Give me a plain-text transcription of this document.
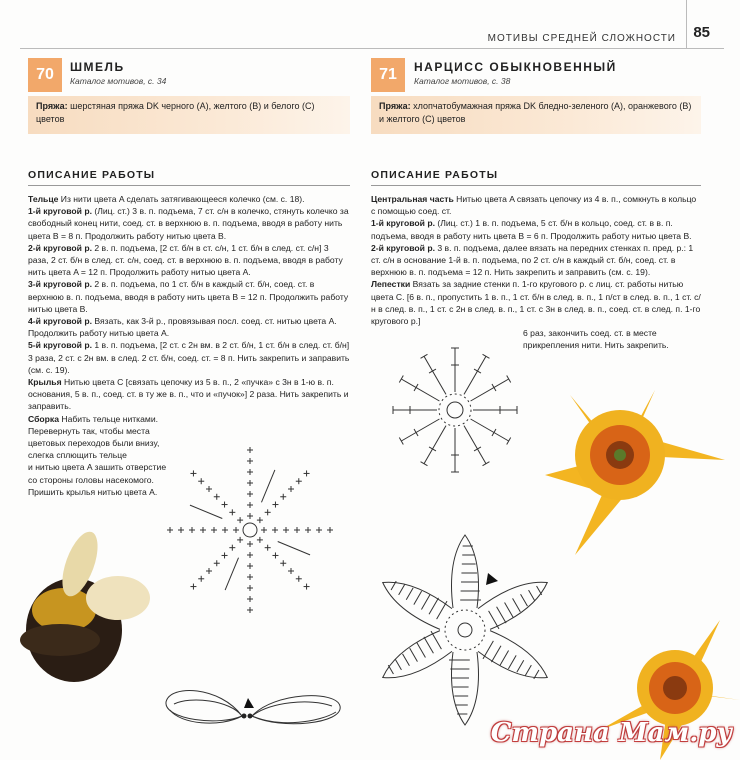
МОТИВЫ СРЕДНЕЙ СЛОЖНОСТИ 85
70	ШМЕЛЬ
Каталог мотивов, с. 34
Пряжа: шерстяная пряжа DK черного (A), желтого (B) и белого (C) цветов
ОПИСАНИЕ РАБОТЫ

Тельце Из нити цвета A сделать затягивающееся колечко (см. с. 18).

1-й круговой р. (Лиц. ст.) 3 в. п. подъема, 7 ст. с/н в колечко, стянуть колечко за свободный конец нити, соед. ст. в верхнюю в. п. подъема, вводя в работу нить цвета B = 8 п. Продолжить работу нитью цвета B.

2-й круговой р. 2 в. п. подъема, [2 ст. б/н в ст. с/н, 1 ст. б/н в след. ст. с/н] 3 раза, 2 ст. б/н в след. ст. с/н, соед. ст. в верхнюю в. п. подъема, вводя в работу нить цвета A = 12 п. Продолжить работу нитью цвета A.

3-й круговой р. 2 в. п. подъема, по 1 ст. б/н в каждый ст. б/н, соед. ст. в верхнюю в. п. подъема, вводя в работу нить цвета B = 12 п. Продолжить работу нитью цвета B.

4-й круговой р. Вязать, как 3-й р., провязывая посл. соед. ст. нитью цвета A. Продолжить работу нитью цвета A.

5-й круговой р. 1 в. п. подъема, [2 ст. с 2н вм. в 2 ст. б/н, 1 ст. б/н в след. ст. б/н] 3 раза, 2 ст. с 2н вм. в след. 2 ст. б/н, соед. ст. = 8 п. Нить закрепить и заправить (см. с. 19).

Крылья Нитью цвета C [связать цепочку из 5 в. п., 2 «пучка» с 3н в 1-ю в. п. основания, 5 в. п., соед. ст. в ту же в. п., что и «пучок»] 2 раза. Нить закрепить и заправить.

Сборка Набить тельце нитками. Перевернуть так, чтобы места цветовых переходов были внизу, слегка сплющить тельце

и нитью цвета A зашить отверстие

со стороны головы насекомого.

Пришить крылья нитью цвета A.

71	НАРЦИСС ОБЫКНОВЕННЫЙ
Каталог мотивов, с. 38
Пряжа: хлопчатобумажная пряжа DK бледно-зеленого (A), оранжевого (B) и желтого (C) цветов
ОПИСАНИЕ РАБОТЫ

Центральная часть Нитью цвета A связать цепочку из 4 в. п., сомкнуть в кольцо с помощью соед. ст.

1-й круговой р. (Лиц. ст.) 1 в. п. подъема, 5 ст. б/н в кольцо, соед. ст. в в. п. подъема, вводя в работу нить цвета B = 6 п. Продолжить работу нитью цвета B.

2-й круговой р. 3 в. п. подъема, далее вязать на передних стенках п. пред. р.: 1 ст. с/н в основание 1-й в. п. подъема, по 2 ст. с/н в каждый ст. б/н, соед. ст. в верхнюю в. п. подъема = 12 п. Нить закрепить и заправить (см. с. 19).

Лепестки Вязать за задние стенки п. 1-го кругового р. с лиц. ст. работы нитью цвета C. [6 в. п., пропустить 1 в. п., 1 ст. б/н в след. в. п., 1 п/ст в след. в. п., 1 ст. с/н в след. в. п., 1 ст. с 2н в след. в. п., 1 ст. с 3н в след. в. п., соед. ст. в след. п. 1-го кругового р.]

6 раз, закончить соед. ст. в месте

прикрепления нити. Нить закрепить.

Страна Мам.ру
